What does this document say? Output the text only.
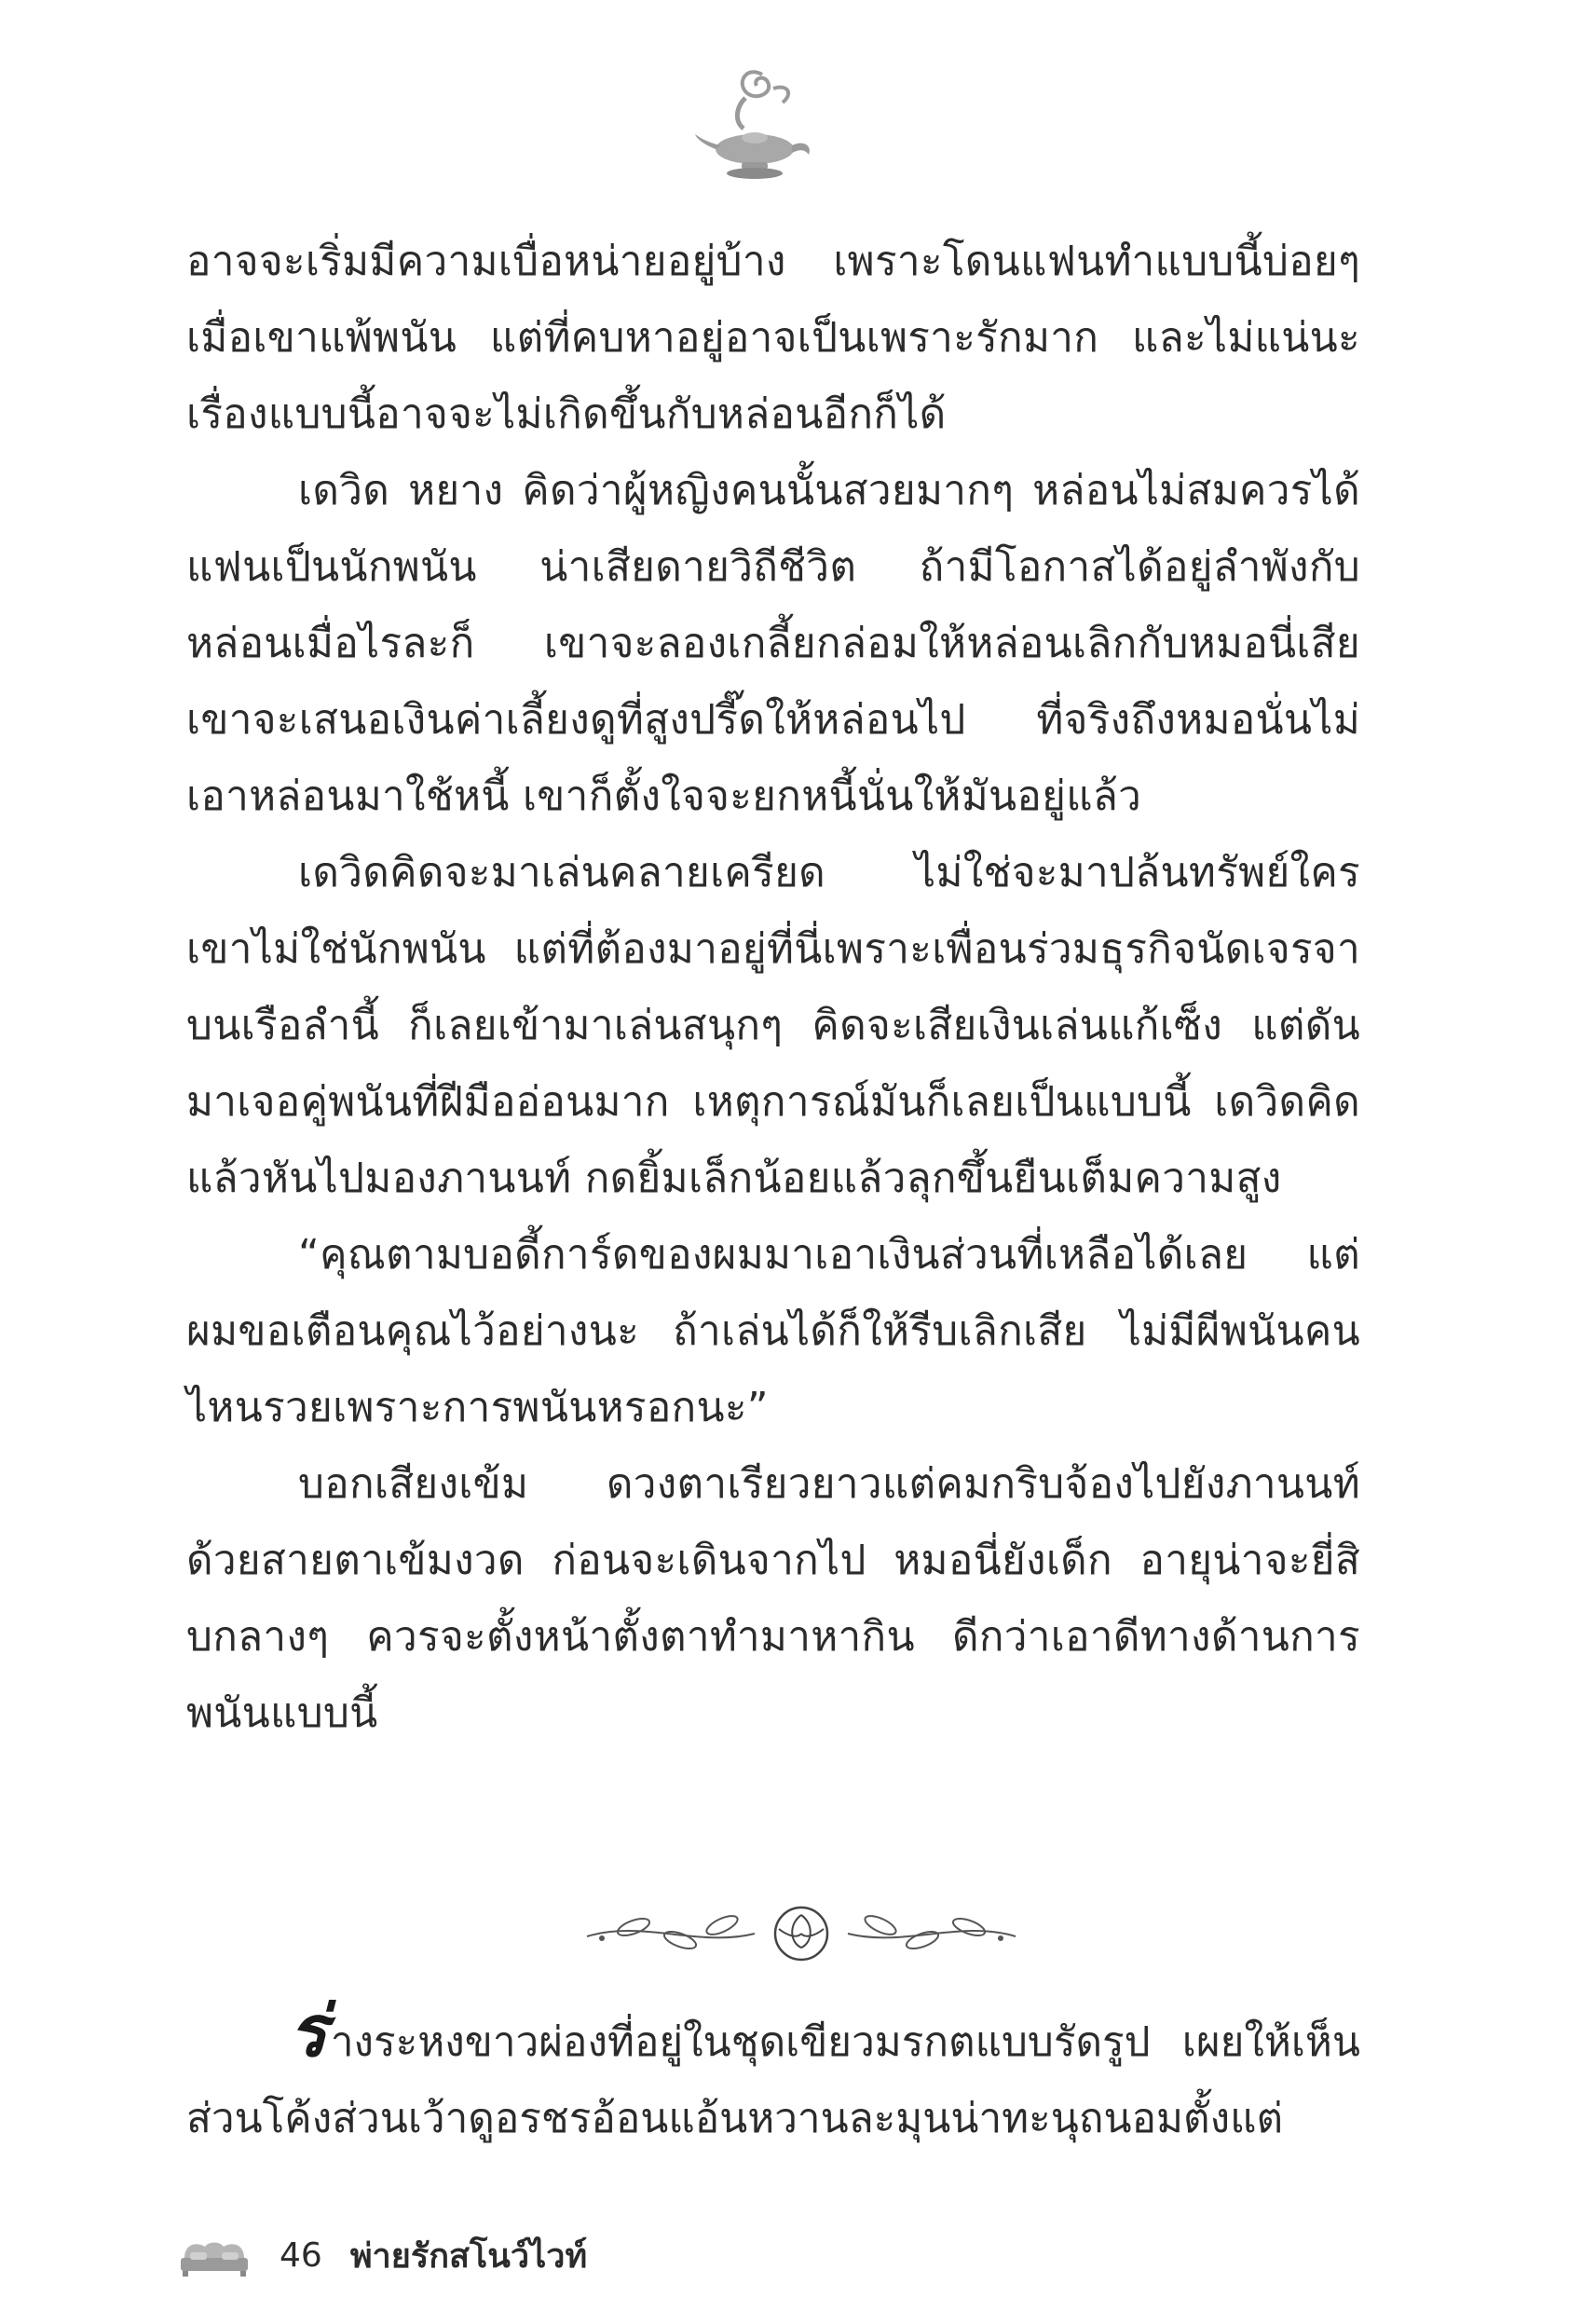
อาจจะเริ่มมีความเบื่อหน่ายอยู่บ้าง เพราะโดนแฟนทำแบบนี้บ่อยๆ เมื่อเขาแพ้พนัน แต่ที่คบหาอยู่อาจเป็นเพราะรักมาก และไม่แน่นะ เรื่องแบบนี้อาจจะไม่เกิดขึ้นกับหล่อนอีกก็ได้

เดวิด หยาง คิดว่าผู้หญิงคนนั้นสวยมากๆ หล่อนไม่สมควรได้แฟนเป็นนักพนัน น่าเสียดายวิถีชีวิต ถ้ามีโอกาสได้อยู่ลำพังกับหล่อนเมื่อไรละก็ เขาจะลองเกลี้ยกล่อมให้หล่อนเลิกกับหมอนี่เสีย เขาจะเสนอเงินค่าเลี้ยงดูที่สูงปรี๊ดให้หล่อนไป ที่จริงถึงหมอนั่นไม่เอาหล่อนมาใช้หนี้ เขาก็ตั้งใจจะยกหนี้นั่นให้มันอยู่แล้ว

เดวิดคิดจะมาเล่นคลายเครียด ไม่ใช่จะมาปล้นทรัพย์ใคร เขาไม่ใช่นักพนัน แต่ที่ต้องมาอยู่ที่นี่เพราะเพื่อนร่วมธุรกิจนัดเจรจาบนเรือลำนี้ ก็เลยเข้ามาเล่นสนุกๆ คิดจะเสียเงินเล่นแก้เซ็ง แต่ดันมาเจอคู่พนันที่ฝีมืออ่อนมาก เหตุการณ์มันก็เลยเป็นแบบนี้ เดวิดคิดแล้วหันไปมองภานนท์ กดยิ้มเล็กน้อยแล้วลุกขึ้นยืนเต็มความสูง

“คุณตามบอดี้การ์ดของผมมาเอาเงินส่วนที่เหลือได้เลย แต่ผมขอเตือนคุณไว้อย่างนะ ถ้าเล่นได้ก็ให้รีบเลิกเสีย ไม่มีผีพนันคนไหนรวยเพราะการพนันหรอกนะ”

บอกเสียงเข้ม ดวงตาเรียวยาวแต่คมกริบจ้องไปยังภานนท์ด้วยสายตาเข้มงวด ก่อนจะเดินจากไป หมอนี่ยังเด็ก อายุน่าจะยี่สิบกลางๆ ควรจะตั้งหน้าตั้งตาทำมาหากิน ดีกว่าเอาดีทางด้านการพนันแบบนี้

ร่างระหงขาวผ่องที่อยู่ในชุดเขียวมรกตแบบรัดรูป เผยให้เห็นส่วนโค้งส่วนเว้าดูอรชรอ้อนแอ้นหวานละมุนน่าทะนุถนอมตั้งแต่

46 พ่ายรักสโนว์ไวท์
